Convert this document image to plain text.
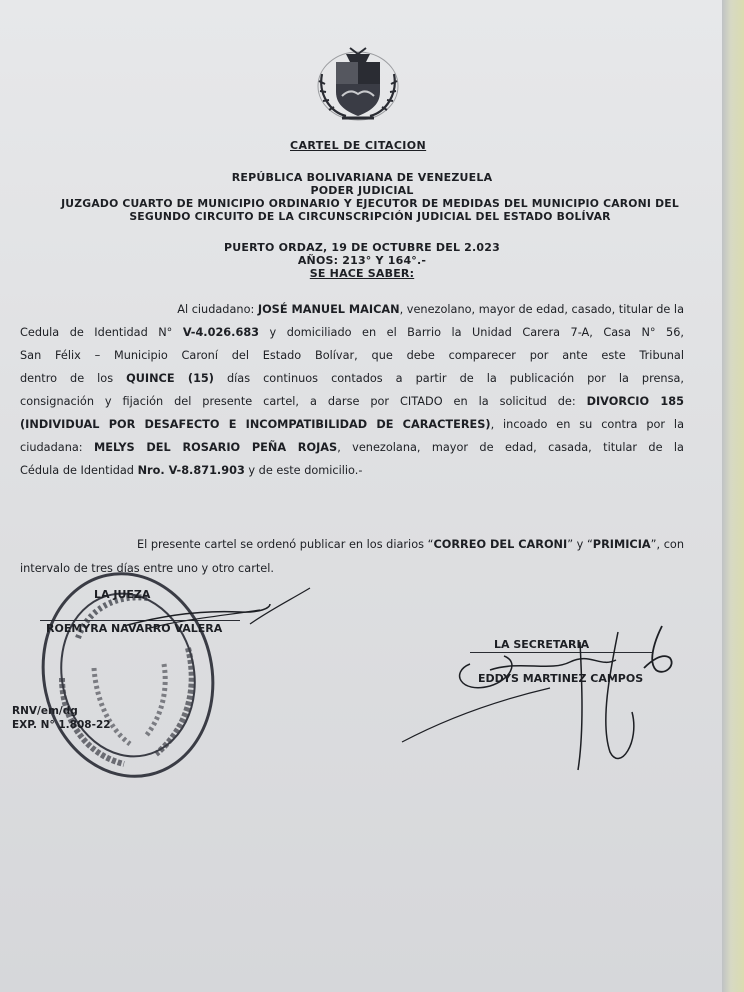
CARTEL DE CITACION
REPÚBLICA BOLIVARIANA DE VENEZUELA
PODER JUDICIAL
JUZGADO CUARTO DE MUNICIPIO ORDINARIO Y EJECUTOR DE MEDIDAS DEL MUNICIPIO CARONI DEL
SEGUNDO CIRCUITO DE LA CIRCUNSCRIPCIÓN JUDICIAL DEL ESTADO BOLÍVAR
PUERTO ORDAZ, 19 DE OCTUBRE DEL 2.023
AÑOS: 213° Y 164°.-
SE HACE SABER:
Al ciudadano: JOSÉ MANUEL MAICAN, venezolano, mayor de edad, casado, titular de la
Cedula de Identidad N° V-4.026.683 y domiciliado en el Barrio la Unidad Carera 7-A, Casa N° 56,
San Félix – Municipio Caroní del Estado Bolívar, que debe comparecer por ante este Tribunal
dentro de los QUINCE (15) días continuos contados a partir de la publicación por la prensa,
consignación y fijación del presente cartel, a darse por CITADO en la solicitud de: DIVORCIO 185
(INDIVIDUAL POR DESAFECTO E INCOMPATIBILIDAD DE CARACTERES), incoado en su contra por la
ciudadana: MELYS DEL ROSARIO PEÑA ROJAS, venezolana, mayor de edad, casada, titular de la
Cédula de Identidad Nro. V-8.871.903 y de este domicilio.-
El presente cartel se ordenó publicar en los diarios “CORREO DEL CARONI” y “PRIMICIA”, con
intervalo de tres días entre uno y otro cartel.
LA JUEZA
ROEMYRA NAVARRO VALERA
LA SECRETARIA
EDDYS MARTINEZ CAMPOS
RNV/em/dg
EXP. N° 1.808-22
